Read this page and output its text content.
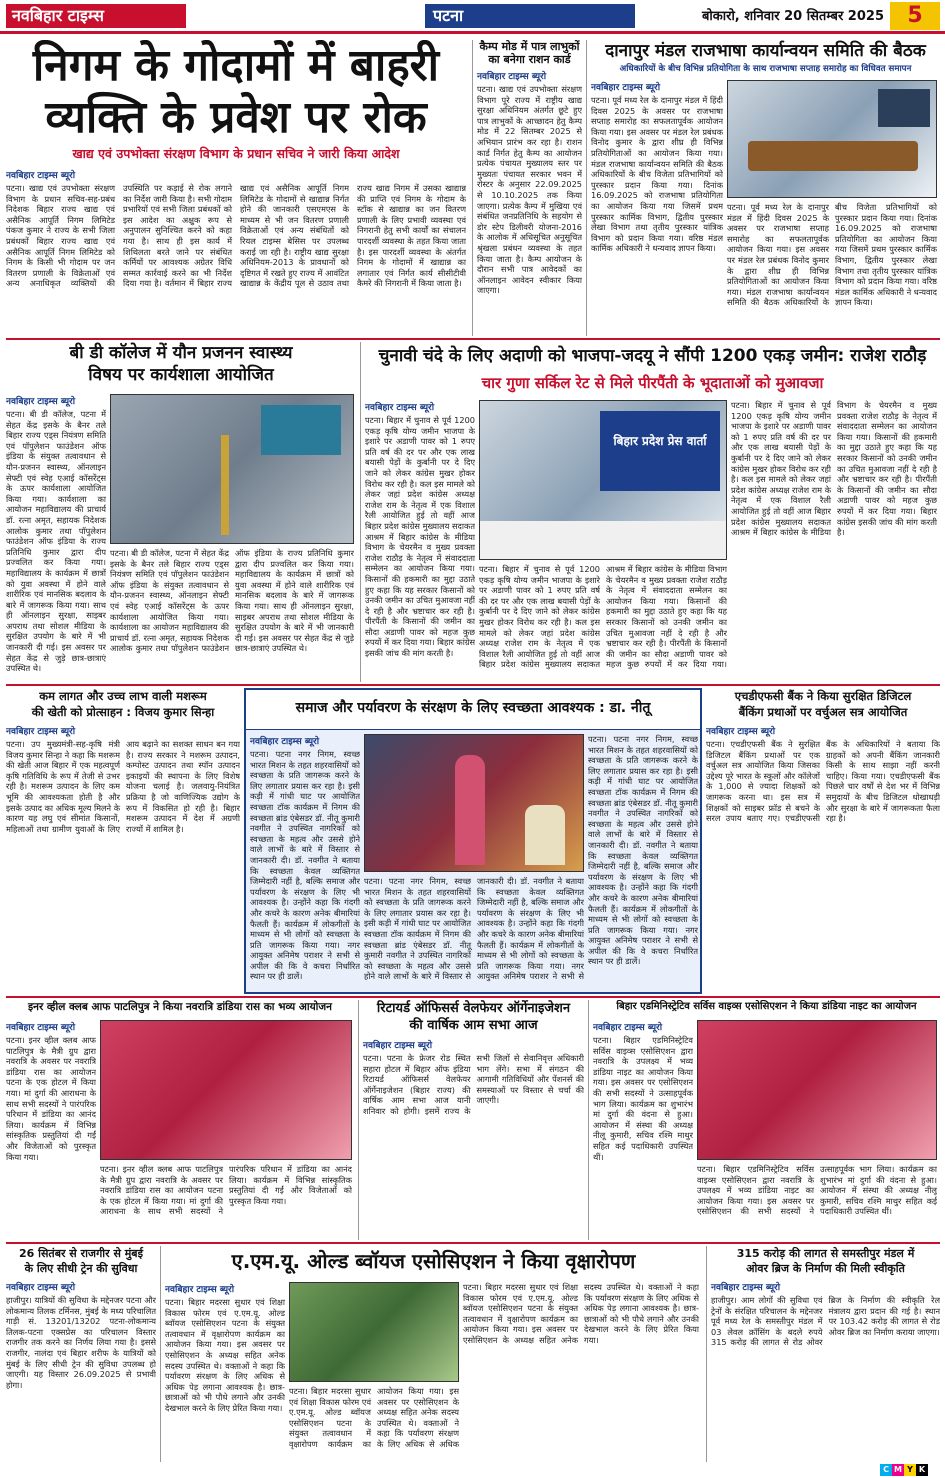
नवबिहार टाइम्स	पटना	बोकारो, शनिवार 20 सितम्बर 2025	5
निगम के गोदामों में बाहरी
व्यक्ति के प्रवेश पर रोक
खाद्य एवं उपभोक्ता संरक्षण विभाग के प्रधान सचिव ने जारी किया आदेश
नवबिहार टाइम्स ब्यूरो
पटना। खाद्य एवं उपभोक्ता संरक्षण विभाग के प्रधान सचिव-सह-प्रबंध निदेशक बिहार राज्य खाद्य एवं असैनिक आपूर्ति निगम लिमिटेड पंकज कुमार ने राज्य के सभी जिला प्रबंधकों बिहार राज्य खाद्य एवं असैनिक आपूर्ति निगम लिमिटेड को निगम के किसी भी गोदाम पर जन वितरण प्रणाली के विक्रेताओं एवं अन्य अनाधिकृत व्यक्तियों की उपस्थिति पर कड़ाई से रोक लगाने का निर्देश जारी किया है। सभी गोदाम प्रभारियों एवं सभी जिला प्रबंधकों को इस आदेश का अक्षुक रूप से अनुपालन सुनिश्चित करने को कहा गया है। साथ ही इस कार्य में शिथिलता बरते जाने पर संबंधित कर्मियों पर आवश्यक अग्रेतर विधि सम्मत कार्रवाई करने का भी निर्देश दिया गया है। वर्तमान में बिहार राज्य खाद्य एवं असैनिक आपूर्ति निगम लिमिटेड के गोदामों से खाद्यान्न निर्गत होने की जानकारी एसएमएस के माध्यम से भी जन वितरण प्रणाली विक्रेताओं एवं अन्य संबंधितों को रियल टाइम्स बेसिस पर उपलब्ध कराई जा रही है। राष्ट्रीय खाद्य सुरक्षा अधिनियम-2013 के प्रावधानों को दृष्टिगत में रखते हुए राज्य में आवंटित खाद्यान्न के केंद्रीय पूल से उठाव तथा राज्य खाद्य निगम में उसका खाद्यान्न की प्राप्ति एवं निगम के गोदाम के स्टॉक से खाद्यान्न का जन वितरण प्रणाली के लिए प्रभावी व्यवस्था एवं निगरानी हेतु सभी कार्यों का संचालन पारदर्शी व्यवस्था के तहत किया जाता है। इस पारदर्शी व्यवस्था के अंतर्गत निगम के गोदामों में खाद्यान्न का लगातार एवं निर्गत कार्य सीसीटीवी कैमरे की निगरानी में किया जाता है।
कैम्प मोड में पात्र लाभुकों का बनेगा राशन कार्ड
नवबिहार टाइम्स ब्यूरो
पटना। खाद्य एवं उपभोक्ता संरक्षण विभाग पूरे राज्य में राष्ट्रीय खाद्य सुरक्षा अधिनियम अंतर्गत छूटे हुए पात्र लाभुकों के आच्छादन हेतु कैम्प मोड में 22 सितम्बर 2025 से अभियान प्रारंभ कर रहा है। राशन कार्ड निर्गत हेतु कैम्प का आयोजन प्रत्येक पंचायत मुख्यालय स्तर पर मुख्यतः पंचायत सरकार भवन में रोस्टर के अनुसार 22.09.2025 से 10.10.2025 तक किया जाएगा। प्रत्येक कैम्प में मुखिया एवं संबंधित जनप्रतिनिधि के सहयोग से डोर स्टेप डिलीवरी योजना-2016 के आलोक में अधिसूचित अनुसूचित श्रृंखला प्रबंधन व्यवस्था के तहत किया जाता है। कैम्प आयोजन के दौरान सभी पात्र आवेदकों का ऑनलाइन आवेदन स्वीकार किया जाएगा।
दानापुर मंडल राजभाषा कार्यान्वयन समिति की बैठक
अधिकारियों के बीच विभिन्न प्रतियोगिता के साथ राजभाषा सप्ताह समारोह का विधिवत समापन
नवबिहार टाइम्स ब्यूरो
पटना। पूर्व मध्य रेल के दानापुर मंडल में हिंदी दिवस 2025 के अवसर पर राजभाषा सप्ताह समारोह का सफलतापूर्वक आयोजन किया गया। इस अवसर पर मंडल रेल प्रबंधक विनोद कुमार के द्वारा शीघ्र ही विभिन्न प्रतियोगिताओं का आयोजन किया गया। मंडल राजभाषा कार्यान्वयन समिति की बैठक अधिकारियों के बीच विजेता प्रतिभागियों को पुरस्कार प्रदान किया गया। दिनांक 16.09.2025 को राजभाषा प्रतियोगिता का आयोजन किया गया जिसमें प्रथम पुरस्कार कार्मिक विभाग, द्वितीय पुरस्कार लेखा विभाग तथा तृतीय पुरस्कार यांत्रिक विभाग को प्रदान किया गया। वरिष्ठ मंडल कार्मिक अधिकारी ने धन्यवाद ज्ञापन किया।
पटना। पूर्व मध्य रेल के दानापुर मंडल में हिंदी दिवस 2025 के अवसर पर राजभाषा सप्ताह समारोह का सफलतापूर्वक आयोजन किया गया। इस अवसर पर मंडल रेल प्रबंधक विनोद कुमार के द्वारा शीघ्र ही विभिन्न प्रतियोगिताओं का आयोजन किया गया। मंडल राजभाषा कार्यान्वयन समिति की बैठक अधिकारियों के बीच विजेता प्रतिभागियों को पुरस्कार प्रदान किया गया। दिनांक 16.09.2025 को राजभाषा प्रतियोगिता का आयोजन किया गया जिसमें प्रथम पुरस्कार कार्मिक विभाग, द्वितीय पुरस्कार लेखा विभाग तथा तृतीय पुरस्कार यांत्रिक विभाग को प्रदान किया गया। वरिष्ठ मंडल कार्मिक अधिकारी ने धन्यवाद ज्ञापन किया।
बी डी कॉलेज में यौन प्रजनन स्वास्थ्य
विषय पर कार्यशाला आयोजित
नवबिहार टाइम्स ब्यूरो
पटना। बी डी कॉलेज, पटना में सेहत केंद्र इसके के बैनर तले बिहार राज्य एड्स नियंत्रण समिति एवं पॉपुलेशन फाउंडेशन ऑफ इंडिया के संयुक्त तत्वावधान से यौन-प्रजनन स्वास्थ्य, ऑनलाइन सेफ्टी एवं स्वेह एआई कॉसरेंट्स के ऊपर कार्यशाला आयोजित किया गया। कार्यशाला का आयोजन महाविद्यालय की प्राचार्य डॉ. रत्ना अमृत, सहायक निदेशक आलोक कुमार तथा पॉपुलेशन फाउंडेशन ऑफ इंडिया के राज्य प्रतिनिधि कुमार द्वारा दीप प्रज्वलित कर किया गया। महाविद्यालय के कार्यक्रम में छात्रों को युवा अवस्था में होने वाले शारीरिक एवं मानसिक बदलाव के बारे में जागरूक किया गया। साथ ही ऑनलाइन सुरक्षा, साइबर अपराध तथा सोशल मीडिया के सुरक्षित उपयोग के बारे में भी जानकारी दी गई। इस अवसर पर सेहत केंद्र से जुड़े छात्र-छात्राएं उपस्थित थे।
पटना। बी डी कॉलेज, पटना में सेहत केंद्र इसके के बैनर तले बिहार राज्य एड्स नियंत्रण समिति एवं पॉपुलेशन फाउंडेशन ऑफ इंडिया के संयुक्त तत्वावधान से यौन-प्रजनन स्वास्थ्य, ऑनलाइन सेफ्टी एवं स्वेह एआई कॉसरेंट्स के ऊपर कार्यशाला आयोजित किया गया। कार्यशाला का आयोजन महाविद्यालय की प्राचार्य डॉ. रत्ना अमृत, सहायक निदेशक आलोक कुमार तथा पॉपुलेशन फाउंडेशन ऑफ इंडिया के राज्य प्रतिनिधि कुमार द्वारा दीप प्रज्वलित कर किया गया। महाविद्यालय के कार्यक्रम में छात्रों को युवा अवस्था में होने वाले शारीरिक एवं मानसिक बदलाव के बारे में जागरूक किया गया। साथ ही ऑनलाइन सुरक्षा, साइबर अपराध तथा सोशल मीडिया के सुरक्षित उपयोग के बारे में भी जानकारी दी गई। इस अवसर पर सेहत केंद्र से जुड़े छात्र-छात्राएं उपस्थित थे।
चुनावी चंदे के लिए अदाणी को भाजपा-जदयू ने सौंपी 1200 एकड़ जमीन: राजेश राठौड़
चार गुणा सर्किल रेट से मिले पीरपैंती के भूदाताओं को मुआवजा
नवबिहार टाइम्स ब्यूरो
पटना। बिहार में चुनाव से पूर्व 1200 एकड़ कृषि योग्य जमीन भाजपा के इशारे पर अडाणी पावर को 1 रुपए प्रति वर्ष की दर पर और एक लाख बयासी पेड़ों के कुर्बानी पर दे दिए जाने को लेकर कांग्रेस मुखर होकर विरोध कर रही है। कल इस मामले को लेकर जहां प्रदेश कांग्रेस अध्यक्ष राजेश राम के नेतृत्व में एक विशाल रैली आयोजित हुई तो वहीं आज बिहार प्रदेश कांग्रेस मुख्यालय सदाकत आश्रम में बिहार कांग्रेस के मीडिया विभाग के चेयरमैन व मुख्य प्रवक्ता राजेश राठौड़ के नेतृत्व में संवाददाता सम्मेलन का आयोजन किया गया। किसानों की हकमारी का मुद्दा उठाते हुए कहा कि यह सरकार किसानों को उनकी जमीन का उचित मुआवजा नहीं दे रही है और भ्रष्टाचार कर रही है। पीरपैंती के किसानों की जमीन का सौदा अडाणी पावर को महज कुछ रुपयों में कर दिया गया। बिहार कांग्रेस इसकी जांच की मांग करती है।
बिहार प्रदेश प्रेस वार्ता
पटना। बिहार में चुनाव से पूर्व 1200 एकड़ कृषि योग्य जमीन भाजपा के इशारे पर अडाणी पावर को 1 रुपए प्रति वर्ष की दर पर और एक लाख बयासी पेड़ों के कुर्बानी पर दे दिए जाने को लेकर कांग्रेस मुखर होकर विरोध कर रही है। कल इस मामले को लेकर जहां प्रदेश कांग्रेस अध्यक्ष राजेश राम के नेतृत्व में एक विशाल रैली आयोजित हुई तो वहीं आज बिहार प्रदेश कांग्रेस मुख्यालय सदाकत आश्रम में बिहार कांग्रेस के मीडिया विभाग के चेयरमैन व मुख्य प्रवक्ता राजेश राठौड़ के नेतृत्व में संवाददाता सम्मेलन का आयोजन किया गया। किसानों की हकमारी का मुद्दा उठाते हुए कहा कि यह सरकार किसानों को उनकी जमीन का उचित मुआवजा नहीं दे रही है और भ्रष्टाचार कर रही है। पीरपैंती के किसानों की जमीन का सौदा अडाणी पावर को महज कुछ रुपयों में कर दिया गया।
पटना। बिहार में चुनाव से पूर्व 1200 एकड़ कृषि योग्य जमीन भाजपा के इशारे पर अडाणी पावर को 1 रुपए प्रति वर्ष की दर पर और एक लाख बयासी पेड़ों के कुर्बानी पर दे दिए जाने को लेकर कांग्रेस मुखर होकर विरोध कर रही है। कल इस मामले को लेकर जहां प्रदेश कांग्रेस अध्यक्ष राजेश राम के नेतृत्व में एक विशाल रैली आयोजित हुई तो वहीं आज बिहार प्रदेश कांग्रेस मुख्यालय सदाकत आश्रम में बिहार कांग्रेस के मीडिया विभाग के चेयरमैन व मुख्य प्रवक्ता राजेश राठौड़ के नेतृत्व में संवाददाता सम्मेलन का आयोजन किया गया। किसानों की हकमारी का मुद्दा उठाते हुए कहा कि यह सरकार किसानों को उनकी जमीन का उचित मुआवजा नहीं दे रही है और भ्रष्टाचार कर रही है। पीरपैंती के किसानों की जमीन का सौदा अडाणी पावर को महज कुछ रुपयों में कर दिया गया। बिहार कांग्रेस इसकी जांच की मांग करती है।
कम लागत और उच्च लाभ वाली मशरूम
की खेती को प्रोत्साहन : विजय कुमार सिन्हा
नवबिहार टाइम्स ब्यूरो
पटना। उप मुख्यमंत्री-सह-कृषि मंत्री विजय कुमार सिन्हा ने कहा कि मशरूम की खेती आज बिहार में एक महत्वपूर्ण कृषि गतिविधि के रूप में तेजी से उभर रही है। मशरूम उत्पादन के लिए कम भूमि की आवश्यकता होती है और इसके उत्पाद का अधिक मूल्य मिलने के कारण यह लघु एवं सीमांत किसानों, महिलाओं तथा ग्रामीण युवाओं के लिए आय बढ़ाने का सशक्त साधन बन गया है। राज्य सरकार ने मशरूम उत्पादन, कम्पोस्ट उत्पादन तथा स्पॉन उत्पादन इकाइयों की स्थापना के लिए विशेष योजना चलाई है। जलवायु-नियंत्रित प्रक्रिया है जो वाणिज्यिक उद्योग के रूप में विकसित हो रही है। बिहार मशरूम उत्पादन में देश में अग्रणी राज्यों में शामिल है।
समाज और पर्यावरण के संरक्षण के लिए स्वच्छता आवश्यक : डा. नीतू
नवबिहार टाइम्स ब्यूरो
पटना। पटना नगर निगम, स्वच्छ भारत मिशन के तहत शहरवासियों को स्वच्छता के प्रति जागरूक करने के लिए लगातार प्रयास कर रहा है। इसी कड़ी में गांधी घाट पर आयोजित स्वच्छता टॉक कार्यक्रम में निगम की स्वच्छता ब्रांड एंबेसडर डॉ. नीतू कुमारी नवगीत ने उपस्थित नागरिकों को स्वच्छता के महत्व और उससे होने वाले लाभों के बारे में विस्तार से जानकारी दी। डॉ. नवगीत ने बताया कि स्वच्छता केवल व्यक्तिगत जिम्मेदारी नहीं है, बल्कि समाज और पर्यावरण के संरक्षण के लिए भी आवश्यक है। उन्होंने कहा कि गंदगी और कचरे के कारण अनेक बीमारियां फैलती हैं। कार्यक्रम में लोकगीतों के माध्यम से भी लोगों को स्वच्छता के प्रति जागरूक किया गया। नगर आयुक्त अनिमेष पराशर ने सभी से अपील की कि वे कचरा निर्धारित स्थान पर ही डालें।
पटना। पटना नगर निगम, स्वच्छ भारत मिशन के तहत शहरवासियों को स्वच्छता के प्रति जागरूक करने के लिए लगातार प्रयास कर रहा है। इसी कड़ी में गांधी घाट पर आयोजित स्वच्छता टॉक कार्यक्रम में निगम की स्वच्छता ब्रांड एंबेसडर डॉ. नीतू कुमारी नवगीत ने उपस्थित नागरिकों को स्वच्छता के महत्व और उससे होने वाले लाभों के बारे में विस्तार से जानकारी दी। डॉ. नवगीत ने बताया कि स्वच्छता केवल व्यक्तिगत जिम्मेदारी नहीं है, बल्कि समाज और पर्यावरण के संरक्षण के लिए भी आवश्यक है। उन्होंने कहा कि गंदगी और कचरे के कारण अनेक बीमारियां फैलती हैं। कार्यक्रम में लोकगीतों के माध्यम से भी लोगों को स्वच्छता के प्रति जागरूक किया गया। नगर आयुक्त अनिमेष पराशर ने सभी से
पटना। पटना नगर निगम, स्वच्छ भारत मिशन के तहत शहरवासियों को स्वच्छता के प्रति जागरूक करने के लिए लगातार प्रयास कर रहा है। इसी कड़ी में गांधी घाट पर आयोजित स्वच्छता टॉक कार्यक्रम में निगम की स्वच्छता ब्रांड एंबेसडर डॉ. नीतू कुमारी नवगीत ने उपस्थित नागरिकों को स्वच्छता के महत्व और उससे होने वाले लाभों के बारे में विस्तार से जानकारी दी। डॉ. नवगीत ने बताया कि स्वच्छता केवल व्यक्तिगत जिम्मेदारी नहीं है, बल्कि समाज और पर्यावरण के संरक्षण के लिए भी आवश्यक है। उन्होंने कहा कि गंदगी और कचरे के कारण अनेक बीमारियां फैलती हैं। कार्यक्रम में लोकगीतों के माध्यम से भी लोगों को स्वच्छता के प्रति जागरूक किया गया। नगर आयुक्त अनिमेष पराशर ने सभी से अपील की कि वे कचरा निर्धारित स्थान पर ही डालें।
एचडीएफसी बैंक ने किया सुरक्षित डिजिटल
बैंकिंग प्रथाओं पर वर्चुअल सत्र आयोजित
नवबिहार टाइम्स ब्यूरो
पटना। एचडीएफसी बैंक ने सुरक्षित डिजिटल बैंकिंग प्रथाओं पर एक वर्चुअल सत्र आयोजित किया जिसका उद्देश्य पूरे भारत के स्कूलों और कॉलेजों के 1,000 से ज्यादा शिक्षकों को जागरूक करना था। इस सत्र में शिक्षकों को साइबर फ्रॉड से बचने के सरल उपाय बताए गए। एचडीएफसी बैंक के अधिकारियों ने बताया कि ग्राहकों को अपनी बैंकिंग जानकारी किसी के साथ साझा नहीं करनी चाहिए। किया गया। एचडीएफसी बैंक पिछले चार वर्षों से देश भर में विभिन्न समुदायों के बीच डिजिटल धोखाधड़ी और सुरक्षा के बारे में जागरूकता फैला रहा है।
इनर व्हील क्लब आफ पाटलिपुत्र ने किया नवरात्रि डांडिया रास का भव्य आयोजन
नवबिहार टाइम्स ब्यूरो
पटना। इनर व्हील क्लब आफ पाटलिपुत्र के मैत्री ग्रुप द्वारा नवरात्रि के अवसर पर नवरात्रि डांडिया रास का आयोजन पटना के एक होटल में किया गया। मां दुर्गा की आराधना के साथ सभी सदस्यों ने पारंपरिक परिधान में डांडिया का आनंद लिया। कार्यक्रम में विभिन्न सांस्कृतिक प्रस्तुतियां दी गईं और विजेताओं को पुरस्कृत किया गया।
पटना। इनर व्हील क्लब आफ पाटलिपुत्र के मैत्री ग्रुप द्वारा नवरात्रि के अवसर पर नवरात्रि डांडिया रास का आयोजन पटना के एक होटल में किया गया। मां दुर्गा की आराधना के साथ सभी सदस्यों ने पारंपरिक परिधान में डांडिया का आनंद लिया। कार्यक्रम में विभिन्न सांस्कृतिक प्रस्तुतियां दी गईं और विजेताओं को पुरस्कृत किया गया।
रिटायर्ड ऑफिसर्स वेलफेयर ऑर्गेनाइजेशन
की वार्षिक आम सभा आज
नवबिहार टाइम्स ब्यूरो
पटना। पटना के फ्रेजर रोड स्थित सहारा होटल में बिहार ऑफ इंडिया रिटायर्ड ऑफिसर्स वेलफेयर ऑर्गेनाइजेशन (बिहार राज्य) की वार्षिक आम सभा आज यानी शनिवार को होगी। इसमें राज्य के सभी जिलों से सेवानिवृत्त अधिकारी भाग लेंगे। सभा में संगठन की आगामी गतिविधियों और पेंशनर्स की समस्याओं पर विस्तार से चर्चा की जाएगी।
बिहार एडमिनिस्ट्रेटिव सर्विस वाइव्स एसोसिएशन ने किया डांडिया नाइट का आयोजन
नवबिहार टाइम्स ब्यूरो
पटना। बिहार एडमिनिस्ट्रेटिव सर्विस वाइव्स एसोसिएशन द्वारा नवरात्रि के उपलक्ष्य में भव्य डांडिया नाइट का आयोजन किया गया। इस अवसर पर एसोसिएशन की सभी सदस्यों ने उत्साहपूर्वक भाग लिया। कार्यक्रम का शुभारंभ मां दुर्गा की वंदना से हुआ। आयोजन में संस्था की अध्यक्ष नीलू कुमारी, सचिव रश्मि माथुर सहित कई पदाधिकारी उपस्थित थीं।
पटना। बिहार एडमिनिस्ट्रेटिव सर्विस वाइव्स एसोसिएशन द्वारा नवरात्रि के उपलक्ष्य में भव्य डांडिया नाइट का आयोजन किया गया। इस अवसर पर एसोसिएशन की सभी सदस्यों ने उत्साहपूर्वक भाग लिया। कार्यक्रम का शुभारंभ मां दुर्गा की वंदना से हुआ। आयोजन में संस्था की अध्यक्ष नीलू कुमारी, सचिव रश्मि माथुर सहित कई पदाधिकारी उपस्थित थीं।
26 सितंबर से राजगीर से मुंबई
के लिए सीधी ट्रेन की सुविधा
नवबिहार टाइम्स ब्यूरो
हाजीपुर। यात्रियों की सुविधा के मद्देनजर पटना और लोकमान्य तिलक टर्मिनस, मुंबई के मध्य परिचालित गाड़ी सं. 13201/13202 पटना-लोकमान्य तिलक-पटना एक्सप्रेस का परिचालन विस्तार राजगीर तक करने का निर्णय लिया गया है। इससे राजगीर, नालंदा एवं बिहार शरीफ के यात्रियों को मुंबई के लिए सीधी ट्रेन की सुविधा उपलब्ध हो जाएगी। यह विस्तार 26.09.2025 से प्रभावी होगा।
ए.एम.यू. ओल्ड ब्वॉयज एसोसिएशन ने किया वृक्षारोपण
नवबिहार टाइम्स ब्यूरो
पटना। बिहार मदरसा सुधार एवं शिक्षा विकास फोरम एवं ए.एम.यू. ओल्ड ब्वॉयज एसोसिएशन पटना के संयुक्त तत्वावधान में वृक्षारोपण कार्यक्रम का आयोजन किया गया। इस अवसर पर एसोसिएशन के अध्यक्ष सहित अनेक सदस्य उपस्थित थे। वक्ताओं ने कहा कि पर्यावरण संरक्षण के लिए अधिक से अधिक पेड़ लगाना आवश्यक है। छात्र-छात्राओं को भी पौधे लगाने और उनकी देखभाल करने के लिए प्रेरित किया गया।
पटना। बिहार मदरसा सुधार एवं शिक्षा विकास फोरम एवं ए.एम.यू. ओल्ड ब्वॉयज एसोसिएशन पटना के संयुक्त तत्वावधान में वृक्षारोपण कार्यक्रम का आयोजन किया गया। इस अवसर पर एसोसिएशन के अध्यक्ष सहित अनेक सदस्य उपस्थित थे। वक्ताओं ने कहा कि पर्यावरण संरक्षण के लिए अधिक से अधिक
पटना। बिहार मदरसा सुधार एवं शिक्षा विकास फोरम एवं ए.एम.यू. ओल्ड ब्वॉयज एसोसिएशन पटना के संयुक्त तत्वावधान में वृक्षारोपण कार्यक्रम का आयोजन किया गया। इस अवसर पर एसोसिएशन के अध्यक्ष सहित अनेक सदस्य उपस्थित थे। वक्ताओं ने कहा कि पर्यावरण संरक्षण के लिए अधिक से अधिक पेड़ लगाना आवश्यक है। छात्र-छात्राओं को भी पौधे लगाने और उनकी देखभाल करने के लिए प्रेरित किया गया।
315 करोड़ की लागत से समस्तीपुर मंडल में
ओवर ब्रिज के निर्माण की मिली स्वीकृति
नवबिहार टाइम्स ब्यूरो
हाजीपुर। आम लोगों की सुविधा एवं ट्रेनों के संरक्षित परिचालन के मद्देनजर पूर्व मध्य रेल के समस्तीपुर मंडल में 03 लेवल क्रॉसिंग के बदले रुपये 315 करोड़ की लागत से रोड ओवर ब्रिज के निर्माण की स्वीकृति रेल मंत्रालय द्वारा प्रदान की गई है। स्थान पर 103.42 करोड़ की लागत से रोड ओवर ब्रिज का निर्माण कराया जाएगा।
C M Y K
